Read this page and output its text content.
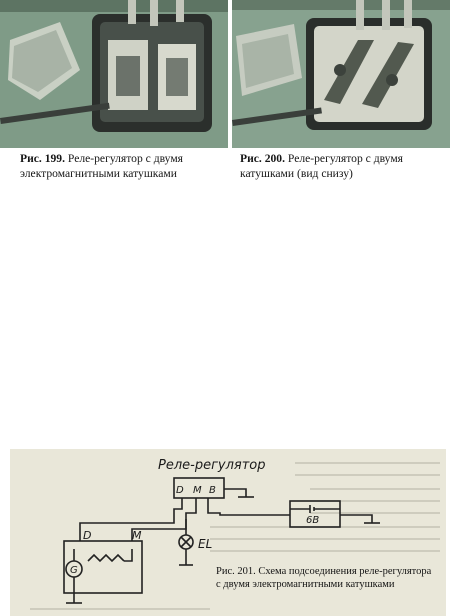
Рис. 199. Реле-регулятор с двумя электромагнитными катушками
Рис. 200. Реле-регулятор с двумя катушками (вид снизу)
Реле-регулятор
D M B
EL
6В
D	M
G	Рис. 201. Схема подсоединения реле-регулятора с двумя электромагнитными катушками
